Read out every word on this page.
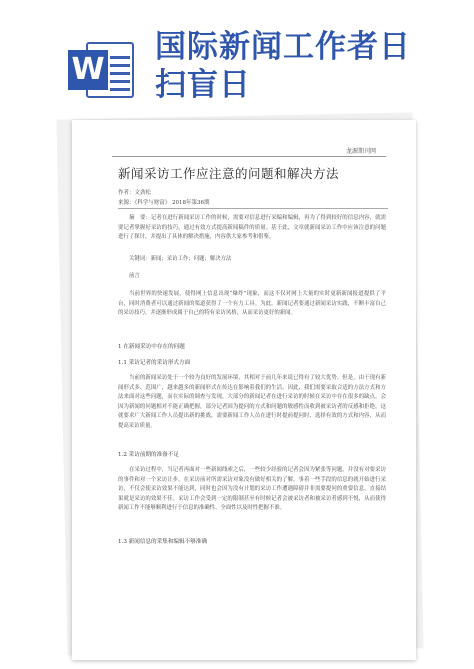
W
国际新闻工作者日
扫盲日
龙源期刊网
新闻采访工作应注意的问题和解决方法
作者：文劲松
来源：《科学与财富》 2018年第36期
摘　要：记者在进行新闻采访工作的时候，需要对信息进行采编和编辑，再为了得到较好的信息内容，就需要记者掌握好采访的技巧，通过有效方式提高新闻稿件的质量。基于此，文章就新闻采访工作中应该注意的问题进行了探讨，并提出了具体的解决措施，内容供大家参考和借鉴。
关键词：新闻；采访工作；问题；解决方法
前言
当前世界的快速发展，使得网上信息出现“爆炸”现象，而这不仅对网上大量的实时更新新闻报道提供了平台，同时消费者可以通过新闻的渠道获得了一个有力工具。为此，新闻记者要通过新闻采访实践，不断丰富自己的采访技巧，并逐渐形成属于自己的特有采访风格，从而采访更好的新闻。
1 在新闻采访中存在的问题
1.1 采访记者的采访形式方面
当前的新闻采访处于一个较为良好的发展环境，其相对于前几年来说已得有了较大优势。但是，由于现有新闻形式多、范围广，越来越多的新闻形式在传达在影响着我们的生活。因此，我们需要采取合适的方法方式和方法来面对这些问题，而在实际的调查与发现，大部分的新闻记者在进行采访的时候在采访中存在很多的缺点，会因为新闻的问题相对不能正确把握，部分记者因为提问的方式和问题的敏感性而收到被采访者的反感和拒绝，这就要求广大新闻工作人员提出新的挑战，需要新闻工作人员在进行时提前提问时，选择有效的方式和内容，从而提高采访质量。
1.2 采访前期的准备不足
在采访过程中，当记者再面对一些新闻线索之后，一些较少经验的记者会因为紧张等问题，并没有对要采访的事件和对一个采访让步，在采访前对所需采访对象没有做好相关的了解，事着一些手段的信息的就开始进行采访，不仅会使采访效果不能达到，同时也会因为没有计划的采访工作遭遇障碍并非需要提问的重要信息，直接结果就是采访的效果不佳。采访工作会受到一定的限制甚至有时候记者会被采访者和被采访者感到不悦，从而使得新闻工作不能够顺利进行于信息的准确性、全面性以及时性把握不准。
1.3 新闻信息的采集和编辑不够准确
